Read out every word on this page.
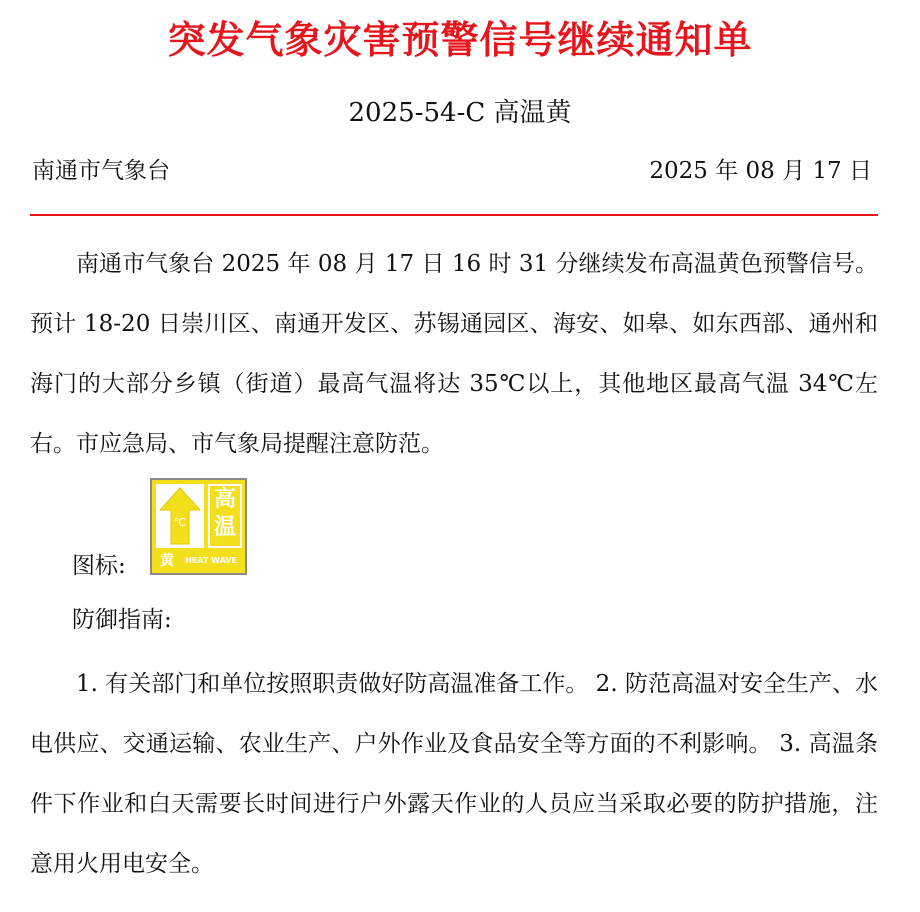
突发气象灾害预警信号继续通知单
2025-54-C 高温黄
南通市气象台	2025 年 08 月 17 日

南通市气象台 2025 年 08 月 17 日 16 时 31 分继续发布高温黄色预警信号。预计 18-20 日崇川区、南通开发区、苏锡通园区、海安、如皋、如东西部、通州和海门的大部分乡镇（街道）最高气温将达 35℃以上，其他地区最高气温 34℃左右。市应急局、市气象局提醒注意防范。

℃
高
温
黄	HEAT WAVE
图标:
防御指南:

1. 有关部门和单位按照职责做好防高温准备工作。 2. 防范高温对安全生产、水电供应、交通运输、农业生产、户外作业及食品安全等方面的不利影响。 3. 高温条件下作业和白天需要长时间进行户外露天作业的人员应当采取必要的防护措施，注意用火用电安全。
